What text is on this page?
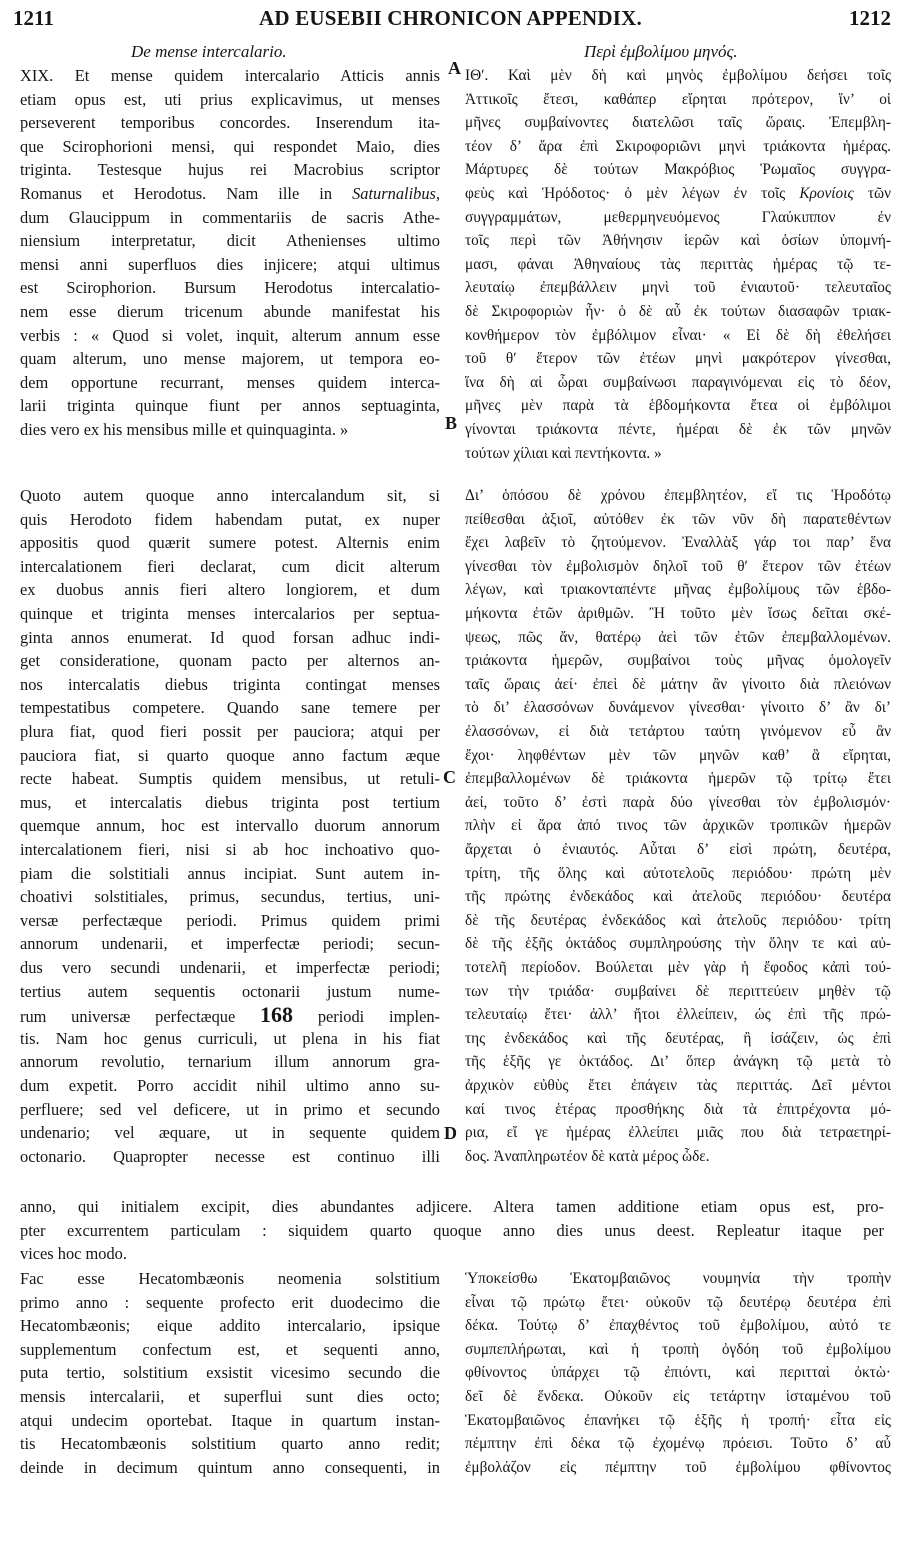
1211	AD EUSEBII CHRONICON APPENDIX.	1212
De mense intercalario.	Περὶ ἐμβολίμου μηνός.
A
B
C
D
XIX. Et mense quidem intercalario Atticis annis
etiam opus est, uti prius explicavimus, ut menses
perseverent temporibus concordes. Inserendum ita-
que Scirophorioni mensi, qui respondet Maio, dies
triginta. Testesque hujus rei Macrobius scriptor
Romanus et Herodotus. Nam ille in Saturnalibus,
dum Glaucippum in commentariis de sacris Athe-
niensium interpretatur, dicit Athenienses ultimo
mensi anni superfluos dies injicere; atqui ultimus
est Scirophorion. Bursum Herodotus intercalatio-
nem esse dierum tricenum abunde manifestat his
verbis : « Quod si volet, inquit, alterum annum esse
quam alterum, uno mense majorem, ut tempora eo-
dem opportune recurrant, menses quidem interca-
larii triginta quinque fiunt per annos septuaginta,
dies vero ex his mensibus mille et quinquaginta. »
Quoto autem quoque anno intercalandum sit, si
quis Herodoto fidem habendam putat, ex nuper
appositis quod quærit sumere potest. Alternis enim
intercalationem fieri declarat, cum dicit alterum
ex duobus annis fieri altero longiorem, et dum
quinque et triginta menses intercalarios per septua-
ginta annos enumerat. Id quod forsan adhuc indi-
get consideratione, quonam pacto per alternos an-
nos intercalatis diebus triginta contingat menses
tempestatibus competere. Quando sane temere per
plura fiat, quod fieri possit per pauciora; atqui per
pauciora fiat, si quarto quoque anno factum æque
recte habeat. Sumptis quidem mensibus, ut retuli-
mus, et intercalatis diebus triginta post tertium
quemque annum, hoc est intervallo duorum annorum
intercalationem fieri, nisi si ab hoc inchoativo quo-
piam die solstitiali annus incipiat. Sunt autem in-
choativi solstitiales, primus, secundus, tertius, uni-
versæ perfectæque periodi. Primus quidem primi
annorum undenarii, et imperfectæ periodi; secun-
dus vero secundi undenarii, et imperfectæ periodi;
tertius autem sequentis octonarii justum nume-
rum universæ perfectæque 168 periodi implen-
tis. Nam hoc genus curriculi, ut plena in his fiat
annorum revolutio, ternarium illum annorum gra-
dum expetit. Porro accidit nihil ultimo anno su-
perfluere; sed vel deficere, ut in primo et secundo
undenario; vel æquare, ut in sequente quidem
octonario. Quapropter necesse est continuo illi
Fac esse Hecatombæonis neomenia solstitium
primo anno : sequente profecto erit duodecimo die
Hecatombæonis; eique addito intercalario, ipsique
supplementum confectum est, et sequenti anno,
puta tertio, solstitium exsistit vicesimo secundo die
mensis intercalarii, et superflui sunt dies octo;
atqui undecim oportebat. Itaque in quartum instan-
tis Hecatombæonis solstitium quarto anno redit;
deinde in decimum quintum anno consequenti, in
ΙΘʹ. Καὶ μὲν δὴ καὶ μηνὸς ἐμβολίμου δεήσει τοῖς
Ἀττικοῖς ἔτεσι, καθάπερ εἴρηται πρότερον, ἵν’ οἱ
μῆνες συμβαίνοντες διατελῶσι ταῖς ὥραις. Ἐπεμβλη-
τέον δ’ ἄρα ἐπὶ Σκιροφοριῶνι μηνὶ τριάκοντα ἡμέρας.
Μάρτυρες δὲ τούτων Μακρόβιος Ῥωμαῖος συγγρα-
φεὺς καὶ Ἡρόδοτος· ὁ μὲν λέγων ἐν τοῖς Κρονίοις τῶν
συγγραμμάτων, μεθερμηνευόμενος Γλαύκιππον ἐν
τοῖς περὶ τῶν Ἀθήνησιν ἱερῶν καὶ ὁσίων ὑπομνή-
μασι, φάναι Ἀθηναίους τὰς περιττὰς ἡμέρας τῷ τε-
λευταίῳ ἐπεμβάλλειν μηνὶ τοῦ ἐνιαυτοῦ· τελευταῖος
δὲ Σκιροφοριὼν ἦν· ὁ δὲ αὖ ἐκ τούτων διασαφῶν τριακ-
κονθήμερον τὸν ἐμβόλιμον εἶναι· « Εἰ δὲ δὴ ἐθελήσει
τοῦ θʹ ἕτερον τῶν ἐτέων μηνὶ μακρότερον γίνεσθαι,
ἵνα δὴ αἱ ὧραι συμβαίνωσι παραγινόμεναι εἰς τὸ δέον,
μῆνες μὲν παρὰ τὰ ἑβδομήκοντα ἔτεα οἱ ἐμβόλιμοι
γίνονται τριάκοντα πέντε, ἡμέραι δὲ ἐκ τῶν μηνῶν
τούτων χίλιαι καὶ πεντήκοντα. »
Δι’ ὁπόσου δὲ χρόνου ἐπεμβλητέον, εἴ τις Ἡροδότῳ
πείθεσθαι ἀξιοῖ, αὐτόθεν ἐκ τῶν νῦν δὴ παρατεθέντων
ἔχει λαβεῖν τὸ ζητούμενον. Ἐναλλὰξ γάρ τοι παρ’ ἕνα
γίνεσθαι τὸν ἐμβολισμὸν δηλοῖ τοῦ θʹ ἕτερον τῶν ἐτέων
λέγων, καὶ τριακονταπέντε μῆνας ἐμβολίμους τῶν ἑβδο-
μήκοντα ἐτῶν ἀριθμῶν. Ἢ τοῦτο μὲν ἴσως δεῖται σκέ-
ψεως, πῶς ἄν, θατέρῳ ἀεὶ τῶν ἐτῶν ἐπεμβαλλομένων.
τριάκοντα ἡμερῶν, συμβαίνοι τοὺς μῆνας ὁμολογεῖν
ταῖς ὥραις ἀεί· ἐπεὶ δὲ μάτην ἂν γίνοιτο διὰ πλειόνων
τὸ δι’ ἐλασσόνων δυνάμενον γίνεσθαι· γίνοιτο δ’ ἂν δι’
ἐλασσόνων, εἰ διὰ τετάρτου ταύτη γινόμενον εὖ ἂν
ἔχοι· ληφθέντων μὲν τῶν μηνῶν καθ’ ἃ εἴρηται,
ἐπεμβαλλομένων δὲ τριάκοντα ἡμερῶν τῷ τρίτῳ ἔτει
ἀεί, τοῦτο δ’ ἐστὶ παρὰ δύο γίνεσθαι τὸν ἐμβολισμόν·
πλὴν εἰ ἄρα ἀπό τινος τῶν ἀρχικῶν τροπικῶν ἡμερῶν
ἄρχεται ὁ ἐνιαυτός. Αὗται δ’ εἰσὶ πρώτη, δευτέρα,
τρίτη, τῆς ὅλης καὶ αὐτοτελοῦς περιόδου· πρώτη μὲν
τῆς πρώτης ἐνδεκάδος καὶ ἀτελοῦς περιόδου· δευτέρα
δὲ τῆς δευτέρας ἐνδεκάδος καὶ ἀτελοῦς περιόδου· τρίτη
δὲ τῆς ἑξῆς ὀκτάδος συμπληρούσης τὴν ὅλην τε καὶ αὐ-
τοτελῆ περίοδον. Βούλεται μὲν γὰρ ἡ ἔφοδος κἀπὶ τού-
των τὴν τριάδα· συμβαίνει δὲ περιττεύειν μηθὲν τῷ
τελευταίῳ ἔτει· ἀλλ’ ἤτοι ἐλλείπειν, ὡς ἐπὶ τῆς πρώ-
της ἐνδεκάδος καὶ τῆς δευτέρας, ἢ ἰσάζειν, ὡς ἐπὶ
τῆς ἑξῆς γε ὀκτάδος. Δι’ ὅπερ ἀνάγκη τῷ μετὰ τὸ
ἀρχικὸν εὐθὺς ἔτει ἐπάγειν τὰς περιττάς. Δεῖ μέντοι
καί τινος ἑτέρας προσθήκης διὰ τὰ ἐπιτρέχοντα μό-
ρια, εἴ γε ἡμέρας ἐλλείπει μιᾶς που διὰ τετραετηρί-
δος. Ἀναπληρωτέον δὲ κατὰ μέρος ὧδε.
Ὑποκείσθω Ἑκατομβαιῶνος νουμηνία τὴν τροπὴν
εἶναι τῷ πρώτῳ ἔτει· οὐκοῦν τῷ δευτέρῳ δευτέρα ἐπὶ
δέκα. Τούτῳ δ’ ἐπαχθέντος τοῦ ἐμβολίμου, αὐτό τε
συμπεπλήρωται, καὶ ἡ τροπὴ ὀγδόη τοῦ ἐμβολίμου
φθίνοντος ὑπάρχει τῷ ἐπιόντι, καὶ περιτταὶ ὀκτὼ·
δεῖ δὲ ἕνδεκα. Οὐκοῦν εἰς τετάρτην ἱσταμένου τοῦ
Ἑκατομβαιῶνος ἐπανήκει τῷ ἑξῆς ἡ τροπή· εἶτα εἰς
πέμπτην ἐπὶ δέκα τῷ ἐχομένῳ πρόεισι. Τοῦτο δ’ αὖ
ἐμβολάζον εἰς πέμπτην τοῦ ἐμβολίμου φθίνοντος
anno, qui initialem excipit, dies abundantes adjicere. Altera tamen additione etiam opus est, pro-
pter excurrentem particulam : siquidem quarto quoque anno dies unus deest. Repleatur itaque per
vices hoc modo.
